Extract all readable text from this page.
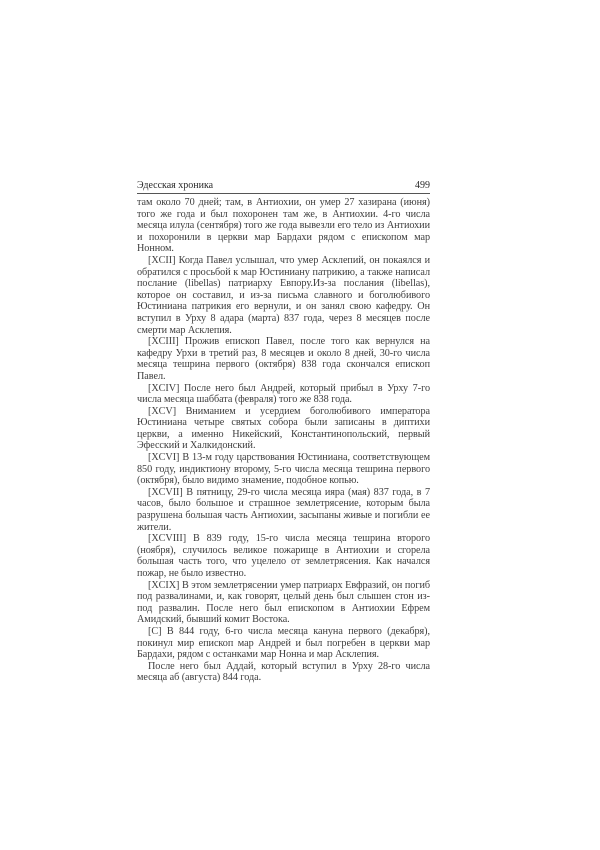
Эдесская хроника	499

там около 70 дней; там, в Антиохии, он умер 27 хазирана (июня) того же года и был похоронен там же, в Антиохии. 4-го числа месяца илула (сентября) того же года вывезли его тело из Антиохии и похоронили в церкви мар Бардахи рядом с епископом мар Нонном.

[XCII] Когда Павел услышал, что умер Асклепий, он покаялся и обратился с просьбой к мар Юстиниану патрикию, а также написал послание (libellas) патриарху Евпору.Из-за послания (libellas), которое он составил, и из-за письма славного и боголюбивого Юстиниана патрикия его вернули, и он занял свою кафедру. Он вступил в Урху 8 адара (марта) 837 года, через 8 месяцев после смерти мар Асклепия.

[XCIII] Прожив епископ Павел, после того как вернулся на кафедру Урхи в третий раз, 8 месяцев и около 8 дней, 30-го числа месяца тешрина первого (октября) 838 года скончался епископ Павел.

[XCIV] После него был Андрей, который прибыл в Урху 7-го числа месяца шаббата (февраля) того же 838 года.

[XCV] Вниманием и усердием боголюбивого императора Юстиниана четыре святых собора были записаны в диптихи церкви, а именно Никейский, Константинопольский, первый Эфесский и Халкидонский.

[XCVI] В 13-м году царствования Юстиниана, соответствующем 850 году, индиктиону второму, 5-го числа месяца тешрина первого (октября), было видимо знамение, подобное копью.

[XCVII] В пятницу, 29-го числа месяца ияра (мая) 837 года, в 7 часов, было большое и страшное землетрясение, которым была разрушена большая часть Антиохии, засыпаны живые и погибли ее жители.

[XCVIII] В 839 году, 15-го числа месяца тешрина второго (ноября), случилось великое пожарище в Антиохии и сгорела большая часть того, что уцелело от землетрясения. Как начался пожар, не было известно.

[XCIX] В этом землетрясении умер патриарх Евфразий, он погиб под развалинами, и, как говорят, целый день был слышен стон из-под развалин. После него был епископом в Антиохии Ефрем Амидский, бывший комит Востока.

[C] В 844 году, 6-го числа месяца канyна первого (декабря), покинул мир епископ мар Андрей и был погребен в церкви мар Бардахи, рядом с останками мар Нонна и мар Асклепия.

После него был Аддай, который вступил в Урху 28-го числа месяца аб (августа) 844 года.
